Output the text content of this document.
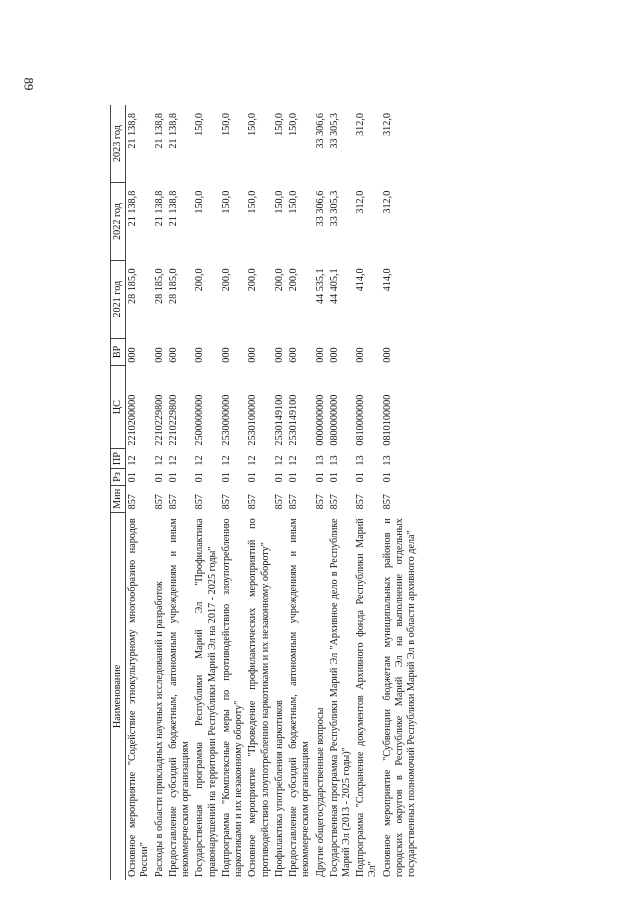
89
Наименование	Мин	Рз	ПР	ЦС	ВР	2021 год	2022 год	2023 год
Основное мероприятие "Содействие этнокультурному многообразию народов России"	857	01	12	2210200000	000	28 185,0	21 138,8	21 138,8
Расходы в области прикладных научных исследований и разработок	857	01	12	2210229800	000	28 185,0	21 138,8	21 138,8
Предоставление субсидий бюджетным, автономным учреждениям и иным некоммерческим организациям	857	01	12	2210229800	600	28 185,0	21 138,8	21 138,8
Государственная программа Республики Марий Эл "Профилактика правонарушений на территории Республики Марий Эл на 2017 - 2025 годы"	857	01	12	2500000000	000	200,0	150,0	150,0
Подпрограмма "Комплексные меры по противодействию злоупотреблению наркотиками и их незаконному обороту"	857	01	12	2530000000	000	200,0	150,0	150,0
Основное мероприятие "Проведение профилактических мероприятий по противодействию злоупотреблению наркотиками и их незаконному обороту"	857	01	12	2530100000	000	200,0	150,0	150,0
Профилактика употребления наркотиков	857	01	12	2530149100	000	200,0	150,0	150,0
Предоставление субсидий бюджетным, автономным учреждениям и иным некоммерческим организациям	857	01	12	2530149100	600	200,0	150,0	150,0
Другие общегосударственные вопросы	857	01	13	0000000000	000	44 535,1	33 306,6	33 306,6
Государственная программа Республики Марий Эл "Архивное дело в Республике Марий Эл (2013 - 2025 годы)"	857	01	13	0800000000	000	44 405,1	33 305,3	33 305,3
Подпрограмма "Сохранение документов Архивного фонда Республики Марий Эл"	857	01	13	0810000000	000	414,0	312,0	312,0
Основное мероприятие "Субвенции бюджетам муниципальных районов и городских округов в Республике Марий Эл на выполнение отдельных государственных полномочий Республики Марий Эл в области архивного дела"	857	01	13	0810100000	000	414,0	312,0	312,0
